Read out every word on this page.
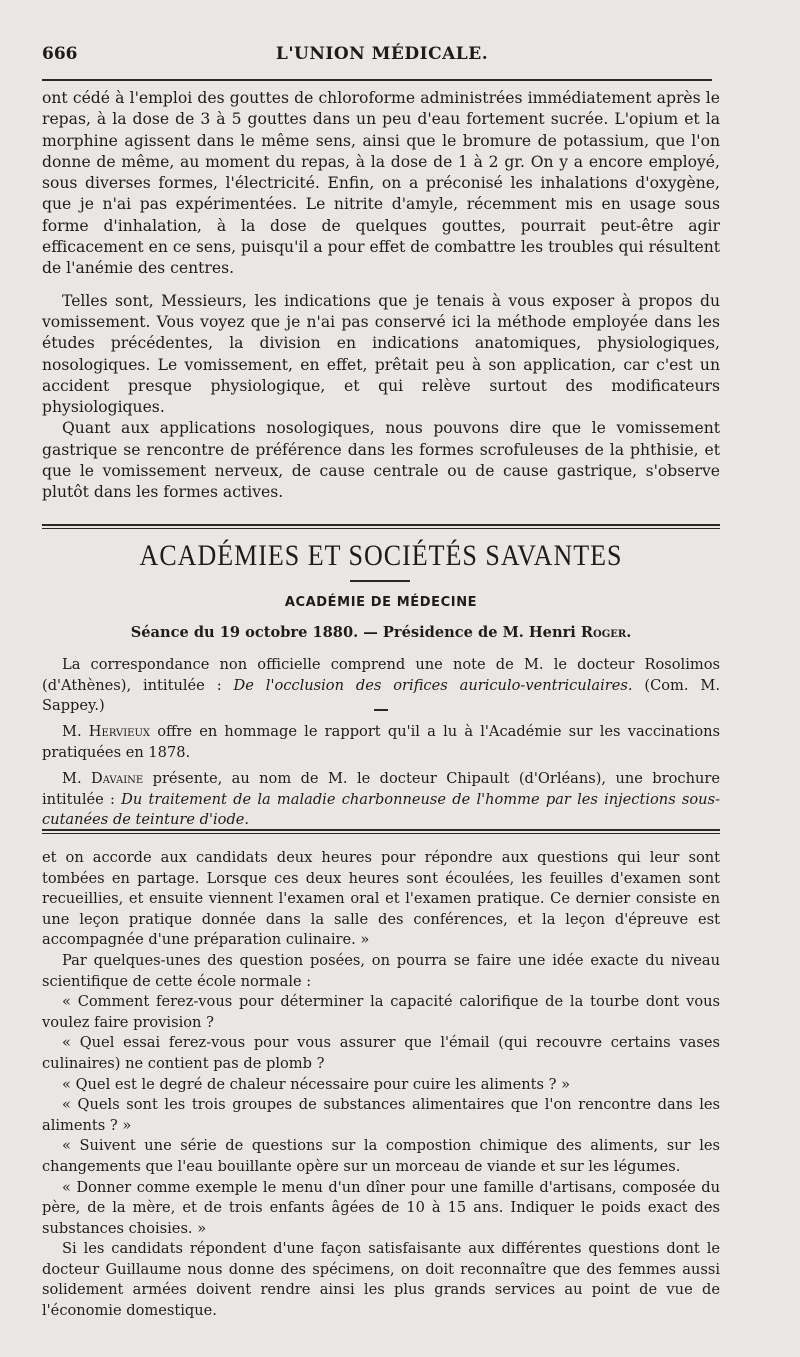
666	L'UNION MÉDICALE.

ont cédé à l'emploi des gouttes de chloroforme administrées immédiatement après le repas, à la dose de 3 à 5 gouttes dans un peu d'eau fortement sucrée. L'opium et la morphine agissent dans le même sens, ainsi que le bromure de potassium, que l'on donne de même, au moment du repas, à la dose de 1 à 2 gr. On y a encore employé, sous diverses formes, l'électricité. Enfin, on a préconisé les inhalations d'oxygène, que je n'ai pas expérimentées. Le nitrite d'amyle, récemment mis en usage sous forme d'inhalation, à la dose de quelques gouttes, pourrait peut-être agir efficacement en ce sens, puisqu'il a pour effet de combattre les troubles qui résultent de l'anémie des centres.

Telles sont, Messieurs, les indications que je tenais à vous exposer à propos du vomissement. Vous voyez que je n'ai pas conservé ici la méthode employée dans les études précédentes, la division en indications anatomiques, physiologiques, nosologiques. Le vomissement, en effet, prêtait peu à son application, car c'est un accident presque physiologique, et qui relève surtout des modificateurs physiologiques.

Quant aux applications nosologiques, nous pouvons dire que le vomissement gastrique se rencontre de préférence dans les formes scrofuleuses de la phthisie, et que le vomissement nerveux, de cause centrale ou de cause gastrique, s'observe plutôt dans les formes actives.

ACADÉMIES ET SOCIÉTÉS SAVANTES
ACADÉMIE DE MÉDECINE
Séance du 19 octobre 1880. — Présidence de M. Henri Roger.

La correspondance non officielle comprend une note de M. le docteur Rosolimos (d'Athènes), intitulée : De l'occlusion des orifices auriculo-ventriculaires. (Com. M. Sappey.)

M. Hervieux offre en hommage le rapport qu'il a lu à l'Académie sur les vaccinations pratiquées en 1878.

M. Davaine présente, au nom de M. le docteur Chipault (d'Orléans), une brochure intitulée : Du traitement de la maladie charbonneuse de l'homme par les injections sous-cutanées de teinture d'iode.

et on accorde aux candidats deux heures pour répondre aux questions qui leur sont tombées en partage. Lorsque ces deux heures sont écoulées, les feuilles d'examen sont recueillies, et ensuite viennent l'examen oral et l'examen pratique. Ce dernier consiste en une leçon pratique donnée dans la salle des conférences, et la leçon d'épreuve est accompagnée d'une préparation culinaire. »

Par quelques-unes des question posées, on pourra se faire une idée exacte du niveau scientifique de cette école normale :

« Comment ferez-vous pour déterminer la capacité calorifique de la tourbe dont vous voulez faire provision ?

« Quel essai ferez-vous pour vous assurer que l'émail (qui recouvre certains vases culinaires) ne contient pas de plomb ?

« Quel est le degré de chaleur nécessaire pour cuire les aliments ? »

« Quels sont les trois groupes de substances alimentaires que l'on rencontre dans les aliments ? »

« Suivent une série de questions sur la compostion chimique des aliments, sur les changements que l'eau bouillante opère sur un morceau de viande et sur les légumes.

« Donner comme exemple le menu d'un dîner pour une famille d'artisans, composée du père, de la mère, et de trois enfants âgées de 10 à 15 ans. Indiquer le poids exact des substances choisies. »

Si les candidats répondent d'une façon satisfaisante aux différentes questions dont le docteur Guillaume nous donne des spécimens, on doit reconnaître que des femmes aussi solidement armées doivent rendre ainsi les plus grands services au point de vue de l'économie domestique.
